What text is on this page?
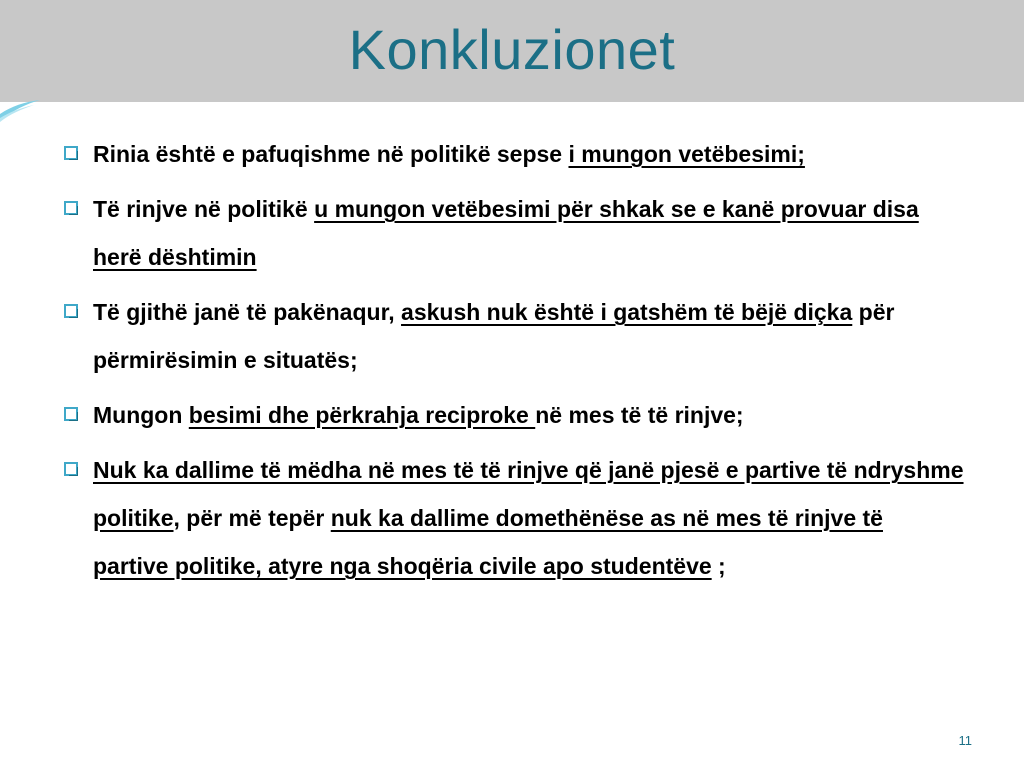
Konkluzionet
Rinia është e pafuqishme në politikë sepse i mungon vetëbesimi;
Të rinjve në politikë u mungon vetëbesimi për shkak se e kanë provuar disa herë dështimin
Të gjithë janë të pakënaqur, askush nuk është i gatshëm të bëjë diçka për përmirësimin e situatës;
Mungon besimi dhe përkrahja reciproke në mes të të rinjve;
Nuk ka dallime të mëdha në mes të të rinjve që janë pjesë e partive të ndryshme politike, për më tepër nuk ka dallime domethënëse as në mes të rinjve të partive politike, atyre nga shoqëria civile apo studentëve ;
11
